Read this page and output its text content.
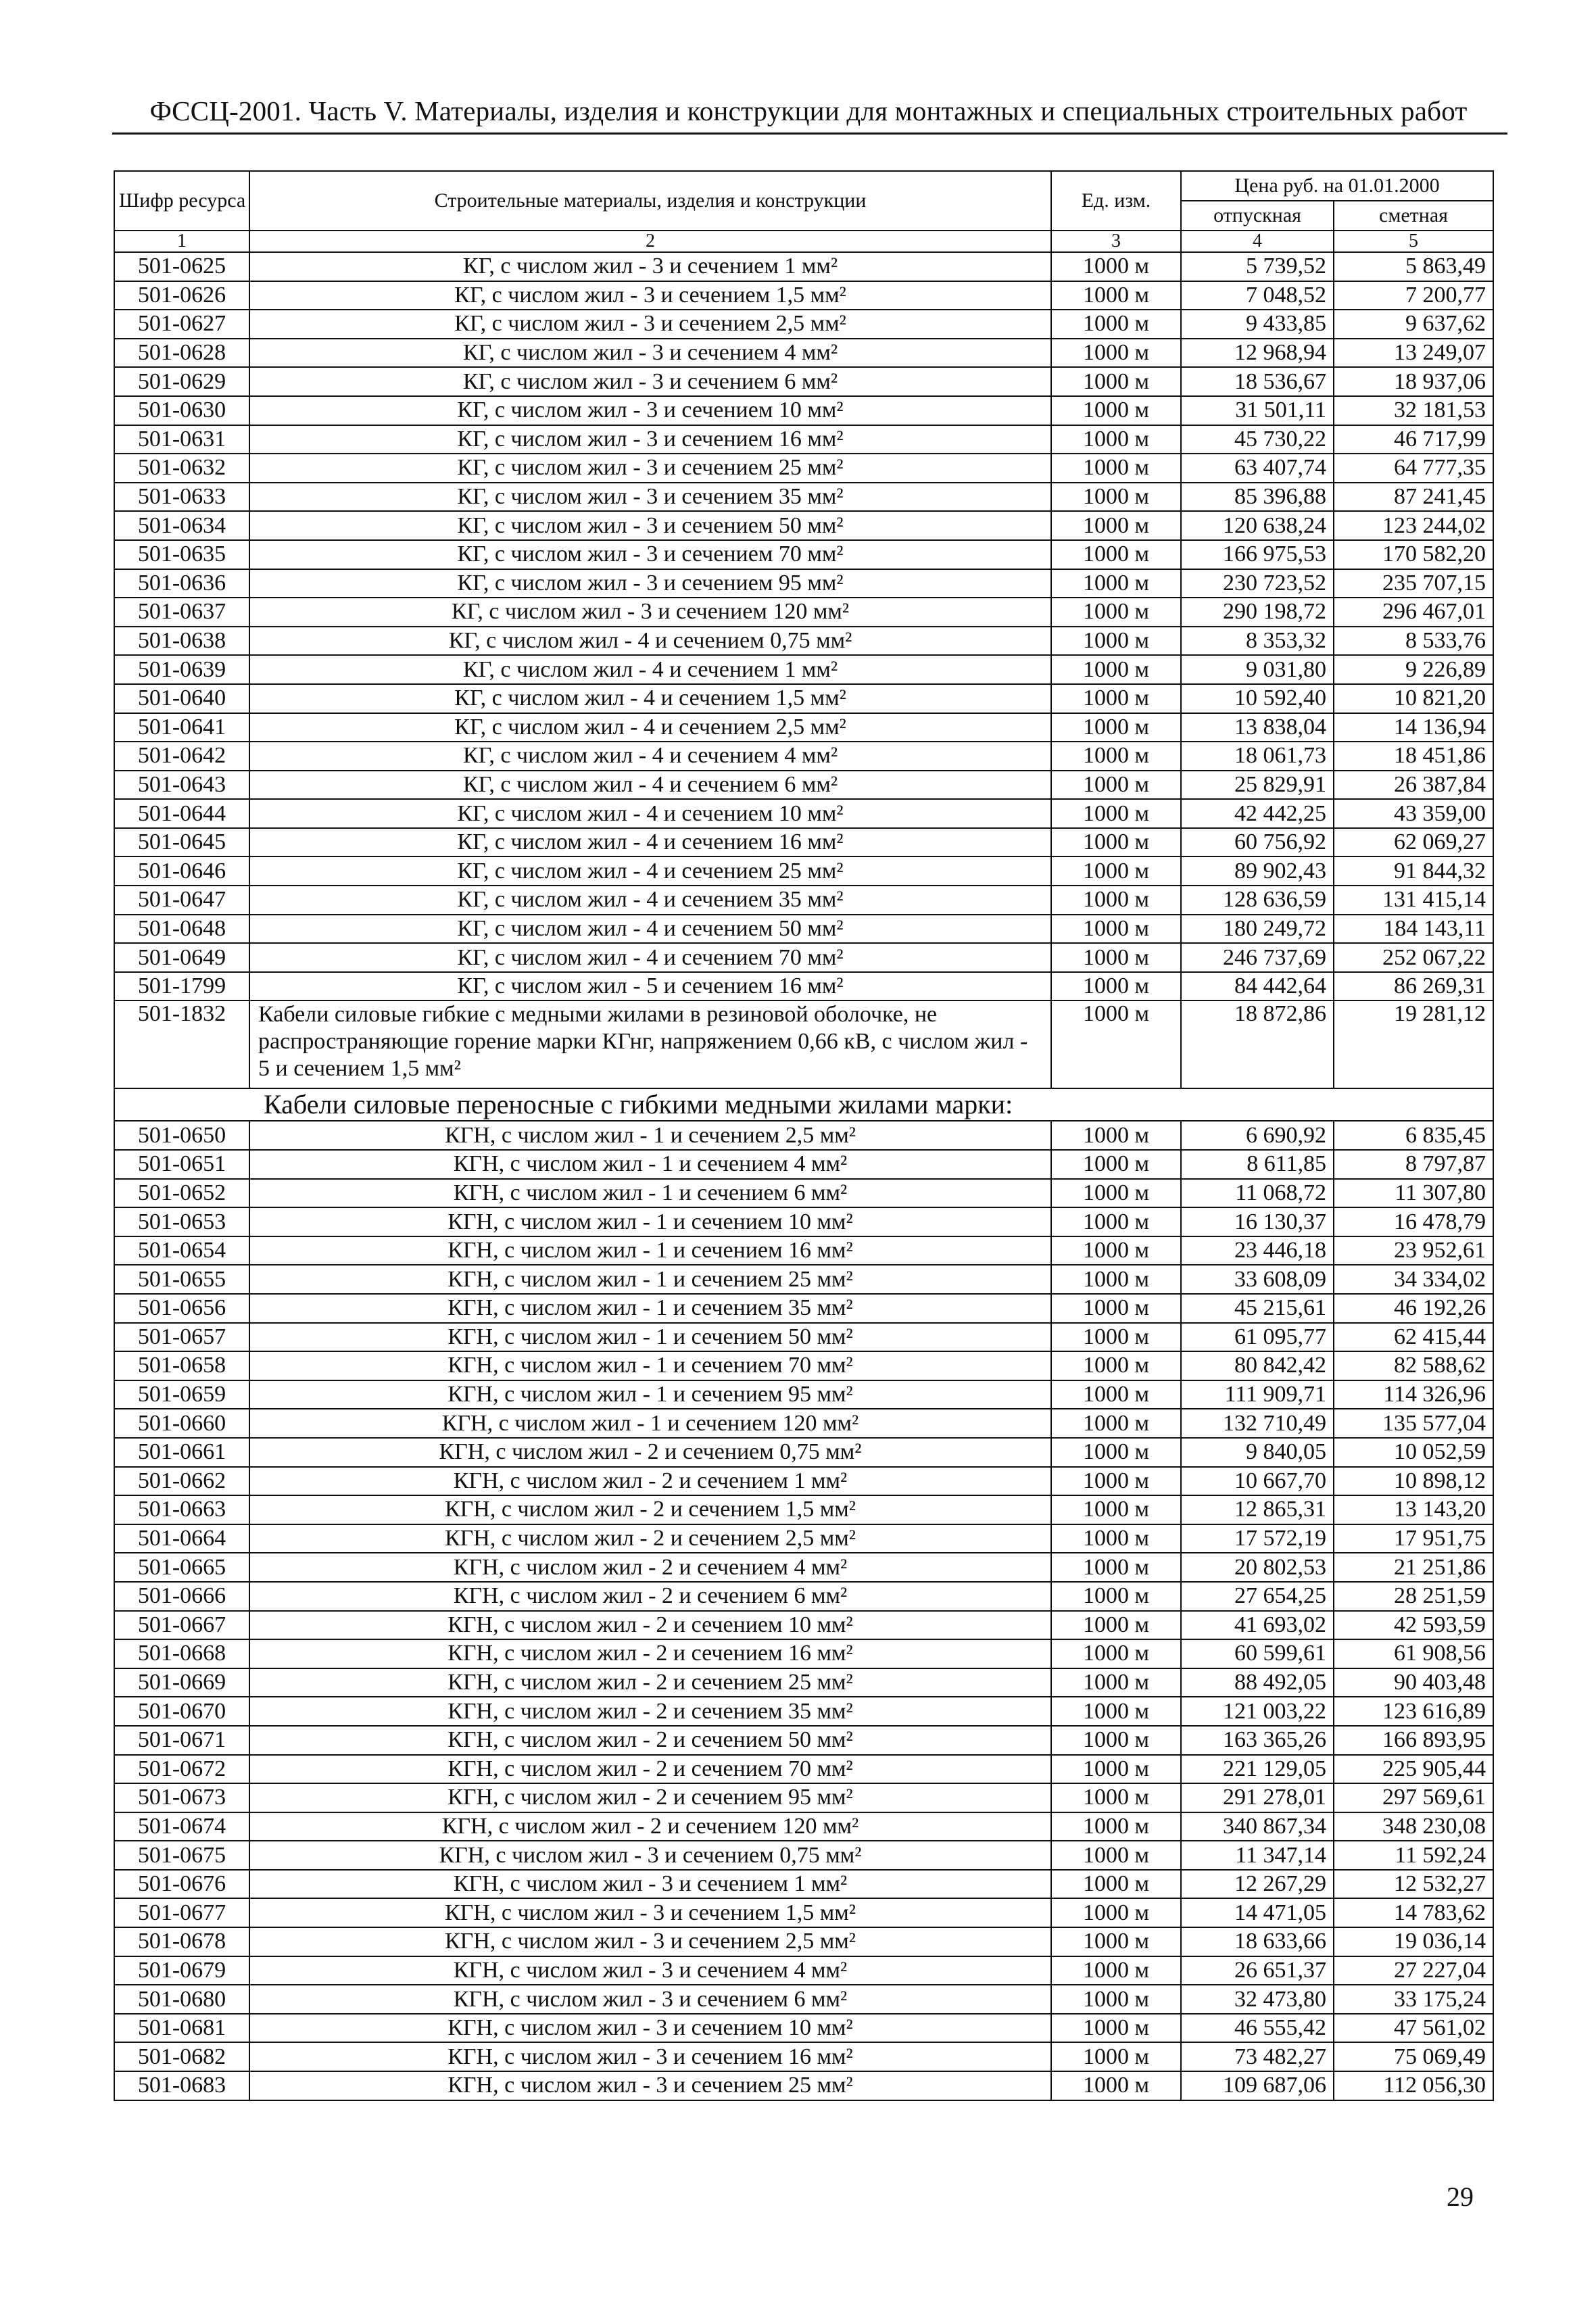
ФССЦ-2001. Часть V. Материалы, изделия и конструкции для монтажных и специальных строительных работ
Шифр ресурса	Строительные материалы, изделия и конструкции	Ед. изм.	Цена руб. на 01.01.2000	
			отпускная	сметная
1	2	3	4	5
501-0625	КГ, с числом жил - 3 и сечением 1 мм²	1000 м	5 739,52	5 863,49
501-0626	КГ, с числом жил - 3 и сечением 1,5 мм²	1000 м	7 048,52	7 200,77
501-0627	КГ, с числом жил - 3 и сечением 2,5 мм²	1000 м	9 433,85	9 637,62
501-0628	КГ, с числом жил - 3 и сечением 4 мм²	1000 м	12 968,94	13 249,07
501-0629	КГ, с числом жил - 3 и сечением 6 мм²	1000 м	18 536,67	18 937,06
501-0630	КГ, с числом жил - 3 и сечением 10 мм²	1000 м	31 501,11	32 181,53
501-0631	КГ, с числом жил - 3 и сечением 16 мм²	1000 м	45 730,22	46 717,99
501-0632	КГ, с числом жил - 3 и сечением 25 мм²	1000 м	63 407,74	64 777,35
501-0633	КГ, с числом жил - 3 и сечением 35 мм²	1000 м	85 396,88	87 241,45
501-0634	КГ, с числом жил - 3 и сечением 50 мм²	1000 м	120 638,24	123 244,02
501-0635	КГ, с числом жил - 3 и сечением 70 мм²	1000 м	166 975,53	170 582,20
501-0636	КГ, с числом жил - 3 и сечением 95 мм²	1000 м	230 723,52	235 707,15
501-0637	КГ, с числом жил - 3 и сечением 120 мм²	1000 м	290 198,72	296 467,01
501-0638	КГ, с числом жил - 4 и сечением 0,75 мм²	1000 м	8 353,32	8 533,76
501-0639	КГ, с числом жил - 4 и сечением 1 мм²	1000 м	9 031,80	9 226,89
501-0640	КГ, с числом жил - 4 и сечением 1,5 мм²	1000 м	10 592,40	10 821,20
501-0641	КГ, с числом жил - 4 и сечением 2,5 мм²	1000 м	13 838,04	14 136,94
501-0642	КГ, с числом жил - 4 и сечением 4 мм²	1000 м	18 061,73	18 451,86
501-0643	КГ, с числом жил - 4 и сечением 6 мм²	1000 м	25 829,91	26 387,84
501-0644	КГ, с числом жил - 4 и сечением 10 мм²	1000 м	42 442,25	43 359,00
501-0645	КГ, с числом жил - 4 и сечением 16 мм²	1000 м	60 756,92	62 069,27
501-0646	КГ, с числом жил - 4 и сечением 25 мм²	1000 м	89 902,43	91 844,32
501-0647	КГ, с числом жил - 4 и сечением 35 мм²	1000 м	128 636,59	131 415,14
501-0648	КГ, с числом жил - 4 и сечением 50 мм²	1000 м	180 249,72	184 143,11
501-0649	КГ, с числом жил - 4 и сечением 70 мм²	1000 м	246 737,69	252 067,22
501-1799	КГ, с числом жил - 5 и сечением 16 мм²	1000 м	84 442,64	86 269,31
501-1832	Кабели силовые гибкие с медными жилами в резиновой оболочке, не распространяющие горение марки КГнг, напряжением 0,66 кВ, с числом жил - 5 и сечением 1,5 мм²	1000 м	18 872,86	19 281,12
Кабели силовые переносные с гибкими медными жилами марки:				
501-0650	КГН, с числом жил - 1 и сечением 2,5 мм²	1000 м	6 690,92	6 835,45
501-0651	КГН, с числом жил - 1 и сечением 4 мм²	1000 м	8 611,85	8 797,87
501-0652	КГН, с числом жил - 1 и сечением 6 мм²	1000 м	11 068,72	11 307,80
501-0653	КГН, с числом жил - 1 и сечением 10 мм²	1000 м	16 130,37	16 478,79
501-0654	КГН, с числом жил - 1 и сечением 16 мм²	1000 м	23 446,18	23 952,61
501-0655	КГН, с числом жил - 1 и сечением 25 мм²	1000 м	33 608,09	34 334,02
501-0656	КГН, с числом жил - 1 и сечением 35 мм²	1000 м	45 215,61	46 192,26
501-0657	КГН, с числом жил - 1 и сечением 50 мм²	1000 м	61 095,77	62 415,44
501-0658	КГН, с числом жил - 1 и сечением 70 мм²	1000 м	80 842,42	82 588,62
501-0659	КГН, с числом жил - 1 и сечением 95 мм²	1000 м	111 909,71	114 326,96
501-0660	КГН, с числом жил - 1 и сечением 120 мм²	1000 м	132 710,49	135 577,04
501-0661	КГН, с числом жил - 2 и сечением 0,75 мм²	1000 м	9 840,05	10 052,59
501-0662	КГН, с числом жил - 2 и сечением 1 мм²	1000 м	10 667,70	10 898,12
501-0663	КГН, с числом жил - 2 и сечением 1,5 мм²	1000 м	12 865,31	13 143,20
501-0664	КГН, с числом жил - 2 и сечением 2,5 мм²	1000 м	17 572,19	17 951,75
501-0665	КГН, с числом жил - 2 и сечением 4 мм²	1000 м	20 802,53	21 251,86
501-0666	КГН, с числом жил - 2 и сечением 6 мм²	1000 м	27 654,25	28 251,59
501-0667	КГН, с числом жил - 2 и сечением 10 мм²	1000 м	41 693,02	42 593,59
501-0668	КГН, с числом жил - 2 и сечением 16 мм²	1000 м	60 599,61	61 908,56
501-0669	КГН, с числом жил - 2 и сечением 25 мм²	1000 м	88 492,05	90 403,48
501-0670	КГН, с числом жил - 2 и сечением 35 мм²	1000 м	121 003,22	123 616,89
501-0671	КГН, с числом жил - 2 и сечением 50 мм²	1000 м	163 365,26	166 893,95
501-0672	КГН, с числом жил - 2 и сечением 70 мм²	1000 м	221 129,05	225 905,44
501-0673	КГН, с числом жил - 2 и сечением 95 мм²	1000 м	291 278,01	297 569,61
501-0674	КГН, с числом жил - 2 и сечением 120 мм²	1000 м	340 867,34	348 230,08
501-0675	КГН, с числом жил - 3 и сечением 0,75 мм²	1000 м	11 347,14	11 592,24
501-0676	КГН, с числом жил - 3 и сечением 1 мм²	1000 м	12 267,29	12 532,27
501-0677	КГН, с числом жил - 3 и сечением 1,5 мм²	1000 м	14 471,05	14 783,62
501-0678	КГН, с числом жил - 3 и сечением 2,5 мм²	1000 м	18 633,66	19 036,14
501-0679	КГН, с числом жил - 3 и сечением 4 мм²	1000 м	26 651,37	27 227,04
501-0680	КГН, с числом жил - 3 и сечением 6 мм²	1000 м	32 473,80	33 175,24
501-0681	КГН, с числом жил - 3 и сечением 10 мм²	1000 м	46 555,42	47 561,02
501-0682	КГН, с числом жил - 3 и сечением 16 мм²	1000 м	73 482,27	75 069,49
501-0683	КГН, с числом жил - 3 и сечением 25 мм²	1000 м	109 687,06	112 056,30
29
